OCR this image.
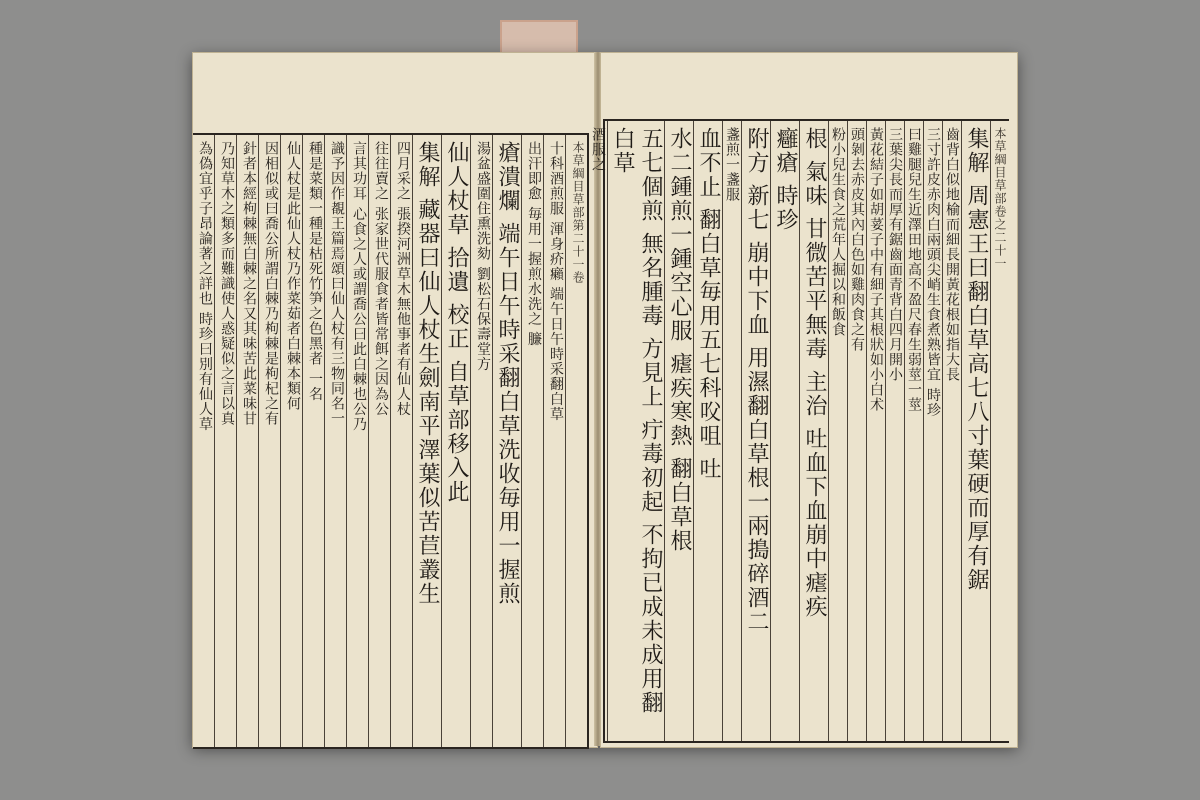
本草綱目草部第二十一卷
十科酒煎服 渾身疥癩 端午日午時采翻白草
出汗即愈 毎用一握煎水洗之 臁
瘡潰爛 端午日午時采翻白草洗收毎用一握煎
湯盆盛圍住熏洗劾 劉松石保壽堂方
仙人杖草 拾遺 校正 自草部移入此
集解 藏器曰仙人杖生劍南平澤葉似苦苣叢生
四月采之 張揆河洲草木無他事者有仙人杖
往往賣之 张家世代服食者皆常餌之因為公
言其功耳 心食之人或謂喬公曰此白棘也公乃
識予因作覩王篇焉頌曰仙人杖有三物同名一
種是菜類一種是枯死竹笋之色黑者 一名
仙人杖是此仙人杖乃作菜茹者白棘本類何
因相似或曰喬公所謂白棘乃枸棘是枸杞之有
針者本經枸棘無白棘之名又其味苦此菜味甘
乃知草木之類多而難識使人惑疑似之言以真
為偽宜乎子昂論著之詳也 時珍曰別有仙人草	本草綱目草部卷之二十一
集解 周憲王曰翻白草高七八寸葉硬而厚有鋸
齒背白似地榆而細長開黃花根如指大長
三寸許皮赤肉白兩頭尖峭生食煮熟皆宜 時珍
曰雞腿兒生近澤田地高不盈尺春生弱莖一莖
三葉尖長而厚有鋸齒面青背白四月開小
黃花結子如胡荽子中有細子其根狀如小白术
頭剝去赤皮其內白色如雞肉食之有
粉小兒生食之荒年人掘以和飯食
根 氣味 甘微苦平無毒 主治 吐血下血崩中瘧疾
癰瘡 時珍
附方 新七 崩中下血 用濕翻白草根一兩搗碎酒二
盞煎一盞服
血不止 翻白草毎用五七科㕮咀 吐
水二鍾煎一鍾空心服 瘧疾寒熱 翻白草根
五七個煎 無名腫毒 方見上 疔毒初起 不拘已成未成用翻白草
酒服之
